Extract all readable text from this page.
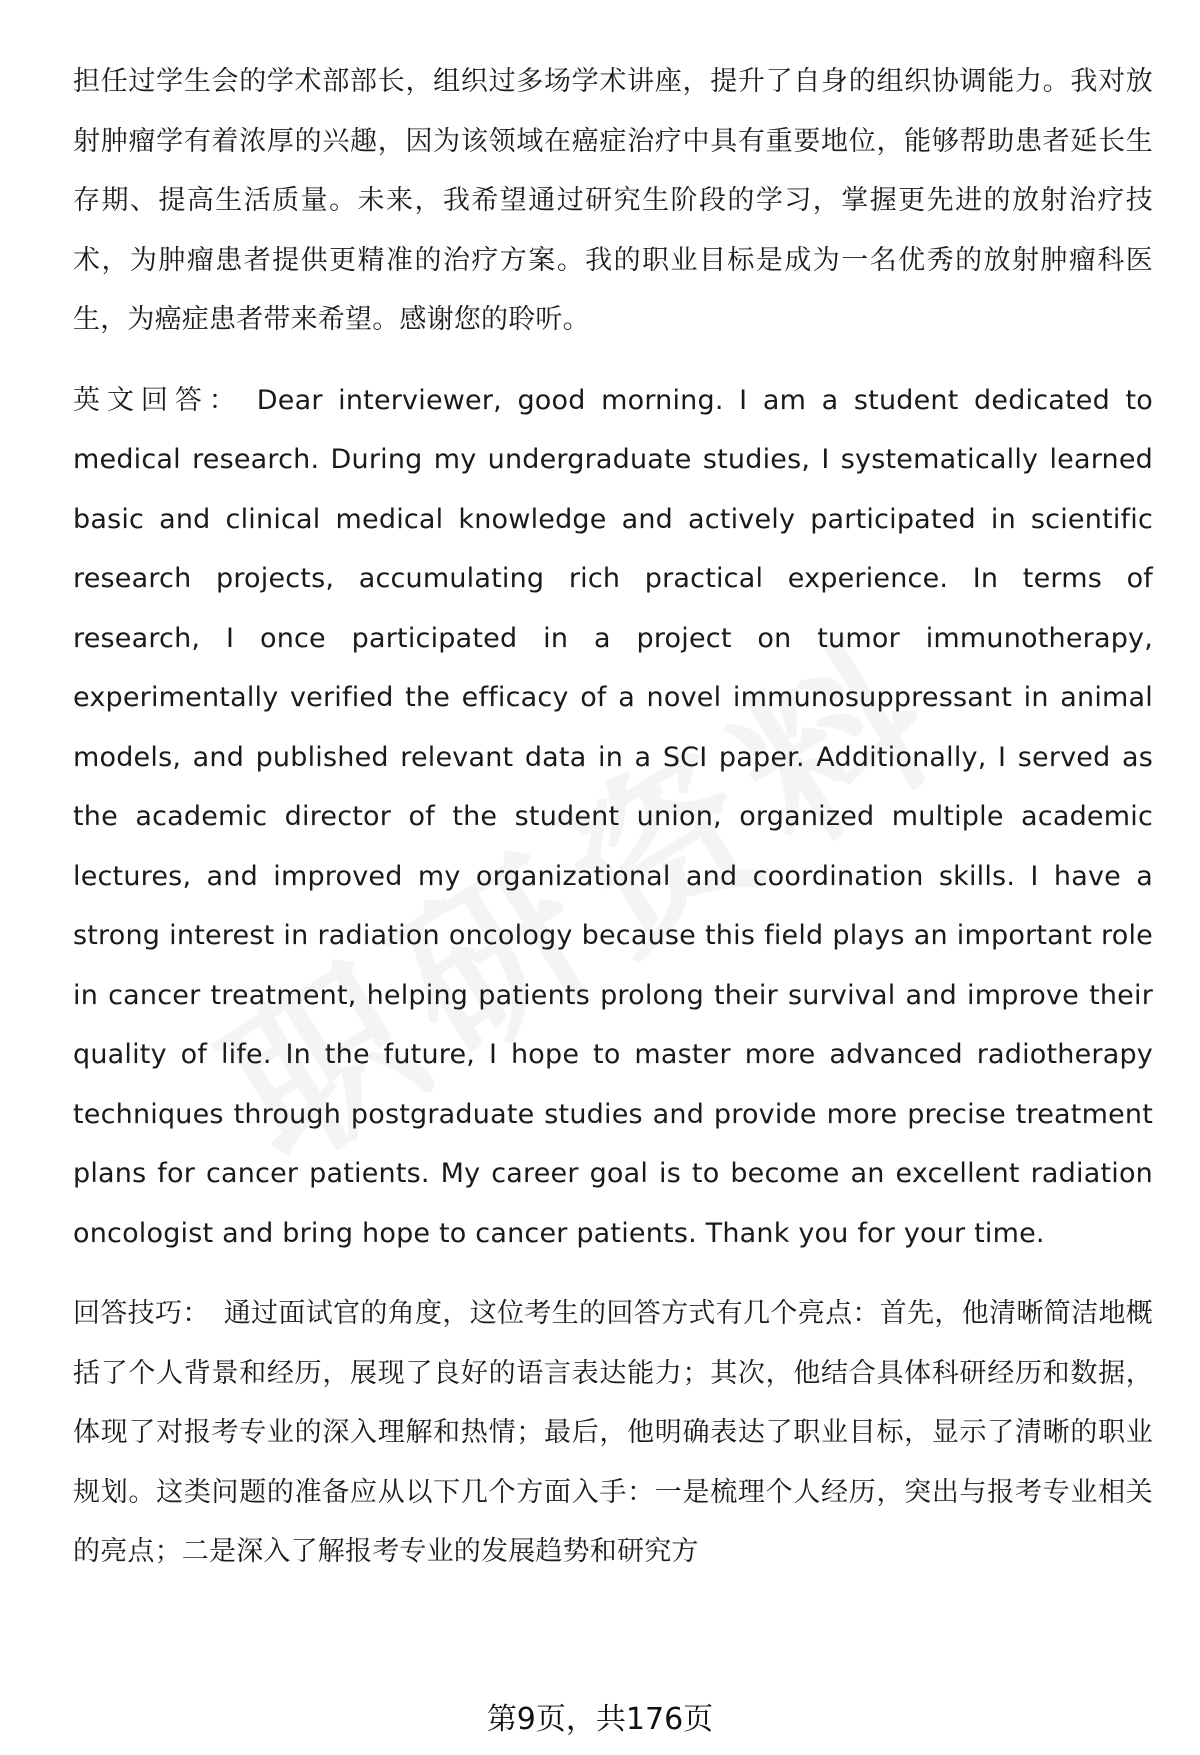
担任过学生会的学术部部长，组织过多场学术讲座，提升了自身的组织协调能力。我对放射肿瘤学有着浓厚的兴趣，因为该领域在癌症治疗中具有重要地位，能够帮助患者延长生存期、提高生活质量。未来，我希望通过研究生阶段的学习，掌握更先进的放射治疗技术，为肿瘤患者提供更精准的治疗方案。我的职业目标是成为一名优秀的放射肿瘤科医生，为癌症患者带来希望。感谢您的聆听。

英文回答： Dear interviewer, good morning. I am a student dedicated to medical research. During my undergraduate studies, I systematically learned basic and clinical medical knowledge and actively participated in scientific research projects, accumulating rich practical experience. In terms of research, I once participated in a project on tumor immunotherapy, experimentally verified the efficacy of a novel immunosuppressant in animal models, and published relevant data in a SCI paper. Additionally, I served as the academic director of the student union, organized multiple academic lectures, and improved my organizational and coordination skills. I have a strong interest in radiation oncology because this field plays an important role in cancer treatment, helping patients prolong their survival and improve their quality of life. In the future, I hope to master more advanced radiotherapy techniques through postgraduate studies and provide more precise treatment plans for cancer patients. My career goal is to become an excellent radiation oncologist and bring hope to cancer patients. Thank you for your time.

回答技巧： 通过面试官的角度，这位考生的回答方式有几个亮点：首先，他清晰简洁地概括了个人背景和经历，展现了良好的语言表达能力；其次，他结合具体科研经历和数据，体现了对报考专业的深入理解和热情；最后，他明确表达了职业目标，显示了清晰的职业规划。这类问题的准备应从以下几个方面入手：一是梳理个人经历，突出与报考专业相关的亮点；二是深入了解报考专业的发展趋势和研究方

第9页，共176页
